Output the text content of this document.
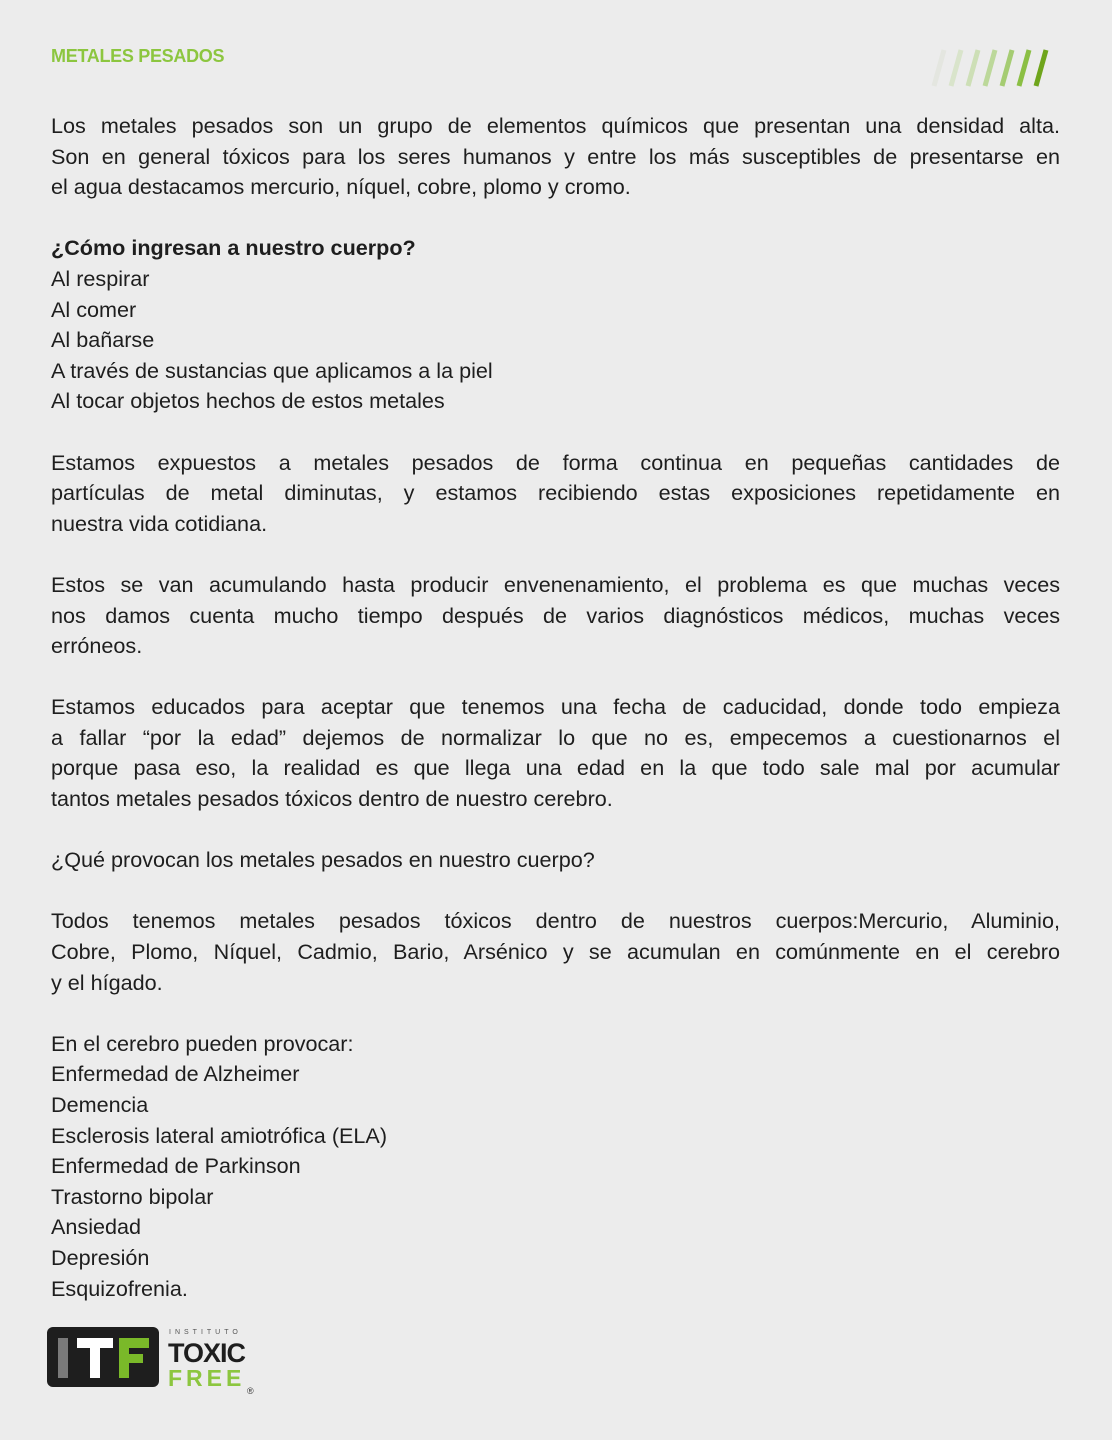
METALES PESADOS
Los metales pesados son un grupo de elementos químicos que presentan una densidad alta.
Son en general tóxicos para los seres humanos y entre los más susceptibles de presentarse en
el agua destacamos mercurio, níquel, cobre, plomo y cromo.
¿Cómo ingresan a nuestro cuerpo?
Al respirar
Al comer
Al bañarse
A través de sustancias que aplicamos a la piel
Al tocar objetos hechos de estos metales
Estamos expuestos a metales pesados de forma continua en pequeñas cantidades de
partículas de metal diminutas, y estamos recibiendo estas exposiciones repetidamente en
nuestra vida cotidiana.
Estos se van acumulando hasta producir envenenamiento, el problema es que muchas veces
nos damos cuenta mucho tiempo después de varios diagnósticos médicos, muchas veces
erróneos.
Estamos educados para aceptar que tenemos una fecha de caducidad, donde todo empieza
a fallar “por la edad” dejemos de normalizar lo que no es, empecemos a cuestionarnos el
porque pasa eso, la realidad es que llega una edad en la que todo sale mal por acumular
tantos metales pesados tóxicos dentro de nuestro cerebro.
¿Qué provocan los metales pesados en nuestro cuerpo?
Todos tenemos metales pesados tóxicos dentro de nuestros cuerpos:Mercurio, Aluminio,
Cobre, Plomo, Níquel, Cadmio, Bario, Arsénico y se acumulan en comúnmente en el cerebro
y el hígado.
En el cerebro pueden provocar:
Enfermedad de Alzheimer
Demencia
Esclerosis lateral amiotrófica (ELA)
Enfermedad de Parkinson
Trastorno bipolar
Ansiedad
Depresión
Esquizofrenia.
INSTITUTO
TOXIC
FREE ®
